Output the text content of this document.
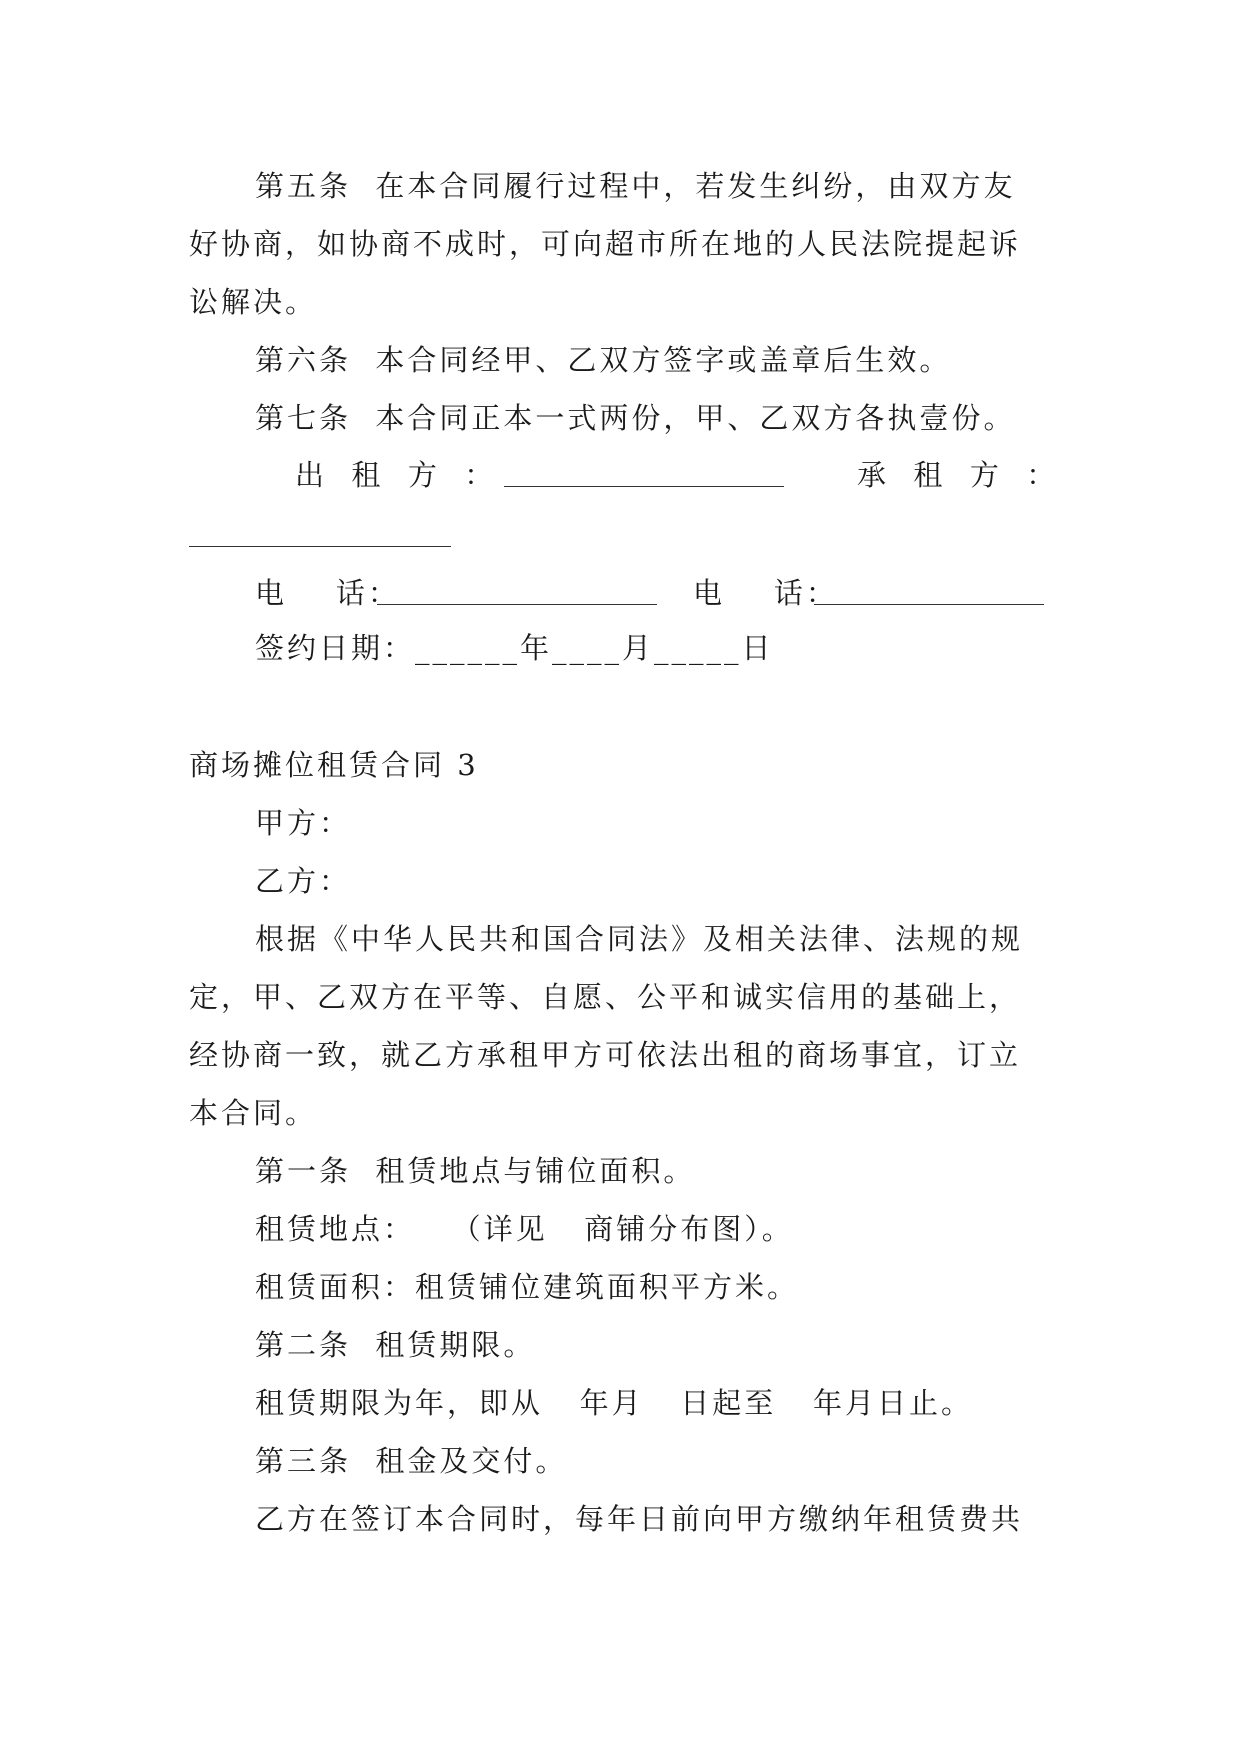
第五条  在本合同履行过程中，若发生纠纷，由双方友
好协商，如协商不成时，可向超市所在地的人民法院提起诉
讼解决。
第六条  本合同经甲、乙双方签字或盖章后生效。
第七条  本合同正本一式两份，甲、乙双方各执壹份。
出  租  方  ：	承  租  方  ：
电    话：	电    话：
签约日期：______年____月_____日
商场摊位租赁合同 3
甲方：
乙方：
根据《中华人民共和国合同法》及相关法律、法规的规
定，甲、乙双方在平等、自愿、公平和诚实信用的基础上，
经协商一致，就乙方承租甲方可依法出租的商场事宜，订立
本合同。
第一条  租赁地点与铺位面积。
租赁地点：   （详见   商铺分布图）。
租赁面积：租赁铺位建筑面积平方米。
第二条  租赁期限。
租赁期限为年，即从   年月   日起至   年月日止。
第三条  租金及交付。
乙方在签订本合同时，每年日前向甲方缴纳年租赁费共
